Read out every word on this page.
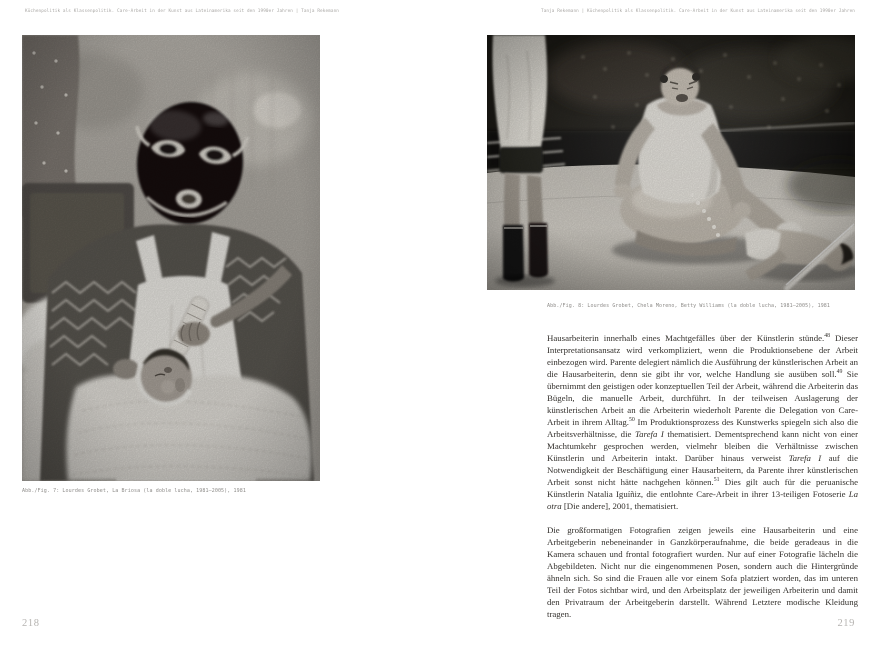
Küchenpolitik als Klassenpolitik. Care-Arbeit in der Kunst aus Lateinamerika seit den 1990er Jahren | Tanja Rekemann
Abb./Fig. 7: Lourdes Grobet, La Briosa (la doble lucha, 1981–2005), 1981
218
Tanja Rekemann | Küchenpolitik als Klassenpolitik. Care-Arbeit in der Kunst aus Lateinamerika seit den 1990er Jahren
Abb./Fig. 8: Lourdes Grobet, Chela Moreno, Betty Williams (la doble lucha, 1981–2005), 1981

Hausarbeiterin innerhalb eines Machtgefälles über der Künstlerin stünde.$^{48}$ Dieser Interpretationsansatz wird verkompliziert, wenn die Produktionsebene der Arbeit einbezogen wird. Parente delegiert nämlich die Ausführung der künstlerischen Arbeit an die Hausarbeiterin, denn sie gibt ihr vor, welche Handlung sie ausüben soll.$^{49}$ Sie übernimmt den geistigen oder konzeptuellen Teil der Arbeit, während die Arbeiterin das Bügeln, die manuelle Arbeit, durchführt. In der teilweisen Auslagerung der künstlerischen Arbeit an die Arbeiterin wiederholt Parente die Delegation von Care-Arbeit in ihrem Alltag.$^{50}$ Im Produktionsprozess des Kunstwerks spiegeln sich also die Arbeitsverhältnisse, die Tarefa I thematisiert. Dementsprechend kann nicht von einer Machtumkehr gesprochen werden, vielmehr bleiben die Verhältnisse zwischen Künstlerin und Arbeiterin intakt. Darüber hinaus verweist Tarefa I auf die Notwendigkeit der Beschäftigung einer Hausarbeitern, da Parente ihrer künstlerischen Arbeit sonst nicht hätte nachgehen können.$^{51}$ Dies gilt auch für die peruanische Künstlerin Natalia Iguíñiz, die entlohnte Care-Arbeit in ihrer 13-teiligen Fotoserie La otra [Die andere], 2001, thematisiert.

Die großformatigen Fotografien zeigen jeweils eine Hausarbeiterin und eine Arbeitgeberin nebeneinander in Ganzkörperaufnahme, die beide geradeaus in die Kamera schauen und frontal fotografiert wurden. Nur auf einer Fotografie lächeln die Abgebildeten. Nicht nur die eingenommenen Posen, sondern auch die Hintergründe ähneln sich. So sind die Frauen alle vor einem Sofa platziert worden, das im unteren Teil der Fotos sichtbar wird, und den Arbeitsplatz der jeweiligen Arbeiterin und damit den Privatraum der Arbeitgeberin darstellt. Während Letztere modische Kleidung tragen.

219
